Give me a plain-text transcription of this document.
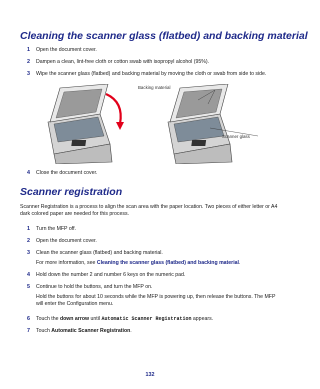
Cleaning the scanner glass (flatbed) and backing material
1 Open the document cover.

2 Dampen a clean, lint-free cloth or cotton swab with isopropyl alcohol (95%).

3 Wipe the scanner glass (flatbed) and backing material by moving the cloth or swab from side to side.

Backing material
Scanner glass
4 Close the document cover.

Scanner registration

Scanner Registration is a process to align the scan area with the paper location. Two pieces of either letter or A4 dark colored paper are needed for this process.

1 Turn the MFP off.

2 Open the document cover.

3 Clean the scanner glass (flatbed) and backing material.

For more information, see Cleaning the scanner glass (flatbed) and backing material.

4 Hold down the number 2 and number 6 keys on the numeric pad.

5 Continue to hold the buttons, and turn the MFP on.

Hold the buttons for about 10 seconds while the MFP is powering up, then release the buttons. The MFP will enter the Configuration menu.

6 Touch the down arrow until Automatic Scanner Registration appears.

7 Touch Automatic Scanner Registration.

132
